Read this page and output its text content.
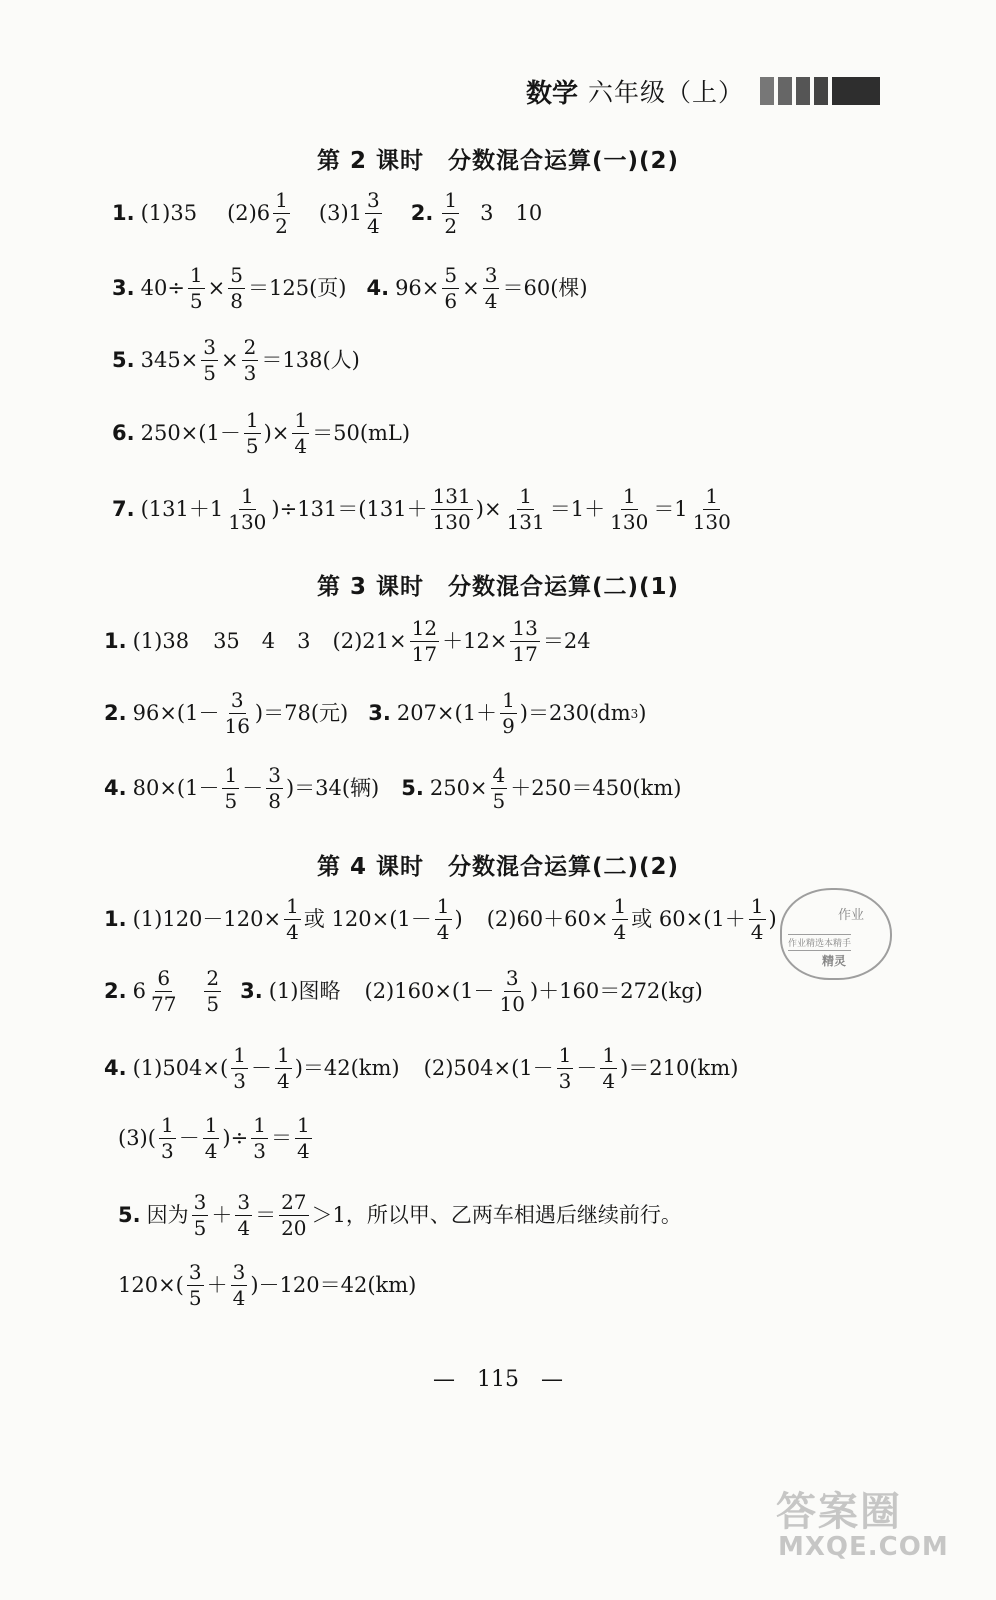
数学 六年级（上）
第 2 课时　分数混合运算(一)(2)
第 3 课时　分数混合运算(二)(1)
第 4 课时　分数混合运算(二)(2)
1. (1)35 $(2)6 \frac{1}{2} (3)1 \frac{3}{4} 2$. $\frac{1}{2} 3$ 10
3. $40\div \frac{1}{5} \times \frac{5}{8} =125$(页) 4. $96\times \frac{5}{6} \times \frac{3}{4} =60$(棵)
5. $345\times \frac{3}{5} \times \frac{2}{3} =138$(人)
6. $250\times(1- \frac{1}{5}$ )× $\frac{1}{4} =50(mL)$
7. $(131+1 \frac{1}{130} )\div 131=(131+ \frac{131}{130}$ )× $\frac{1}{131} =1+ \frac{1}{130} =1 \frac{1}{130}$
1. (1)38 35 4 3 $(2)21\times \frac{12}{17} +12\times \frac{13}{17} =24$
2. $96\times(1- \frac{3}{16} )=78$(元) 3. $207\times(1+ \frac{1}{9} )=230(dm$ 3 )
4. $80\times(1- \frac{1}{5} - \frac{3}{8} )=34$(辆) 5. $250\times \frac{4}{5} +250=450(km)$
1. $(1)120-120\times \frac{1}{4}$ 或 $120\times(1- \frac{1}{4}$ ) $(2)60+60\times \frac{1}{4}$ 或 $60\times(1+ \frac{1}{4}$ )
2. $6 \frac{6}{77} \frac{2}{5} 3$. (1)图略 $(2)160\times(1- \frac{3}{10} )+160=272(kg)$
4. $(1)504\times( \frac{1}{3} - \frac{1}{4} )=42(km)$ $(2)504\times(1- \frac{1}{3} - \frac{1}{4} )=210(km)$
$(3)( \frac{1}{3} - \frac{1}{4}$ )÷ $\frac{1}{3} = \frac{1}{4}$
5. 因为 $\frac{3}{5} + \frac{3}{4} = \frac{27}{20} >1$，所以甲、乙两车相遇后继续前行。
$120\times( \frac{3}{5} + \frac{3}{4} )-120=42(km)$
作业
作业精选本精手
精灵
—　115　—
答案圈
MXQE.COM
